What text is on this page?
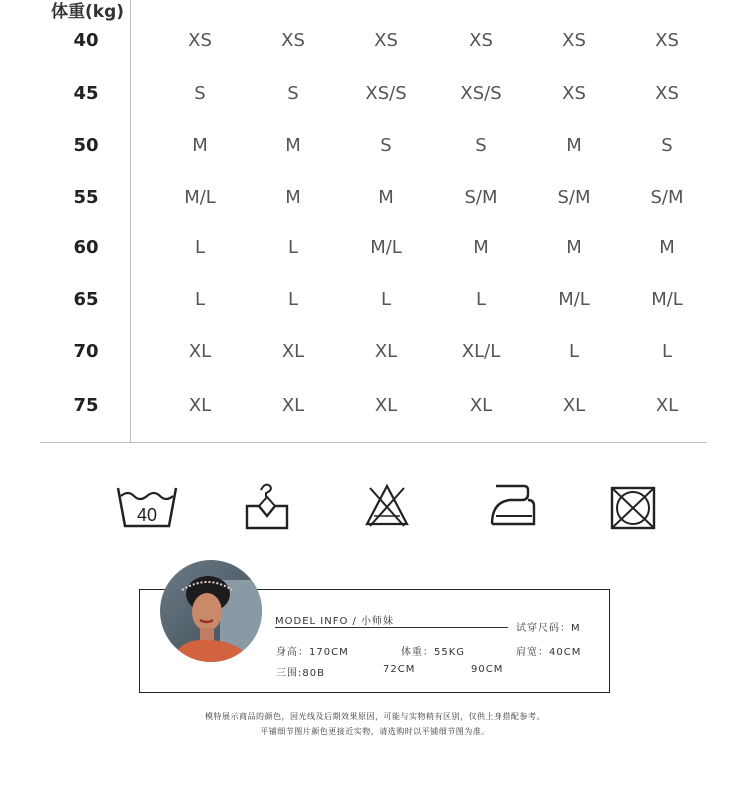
体重(kg)
40	XS	XS	XS	XS	XS	XS
45	S	S	XS/S	XS/S	XS	XS
50	M	M	S	S	M	S
55	M/L	M	M	S/M	S/M	S/M
60	L	L	M/L	M	M	M
65	L	L	L	L	M/L	M/L
70	XL	XL	XL	XL/L	L	L
75	XL	XL	XL	XL	XL	XL
40
MODEL INFO / 小师妹
试穿尺码：M
身高：170CM	体重：55KG	肩宽：40CM
三围:80B	72CM	90CM
模特展示商品的颜色，因光线及后期效果原因，可能与实物稍有区别，仅供上身搭配参考。
平铺细节图片颜色更接近实物，请选购时以平铺细节图为准。
